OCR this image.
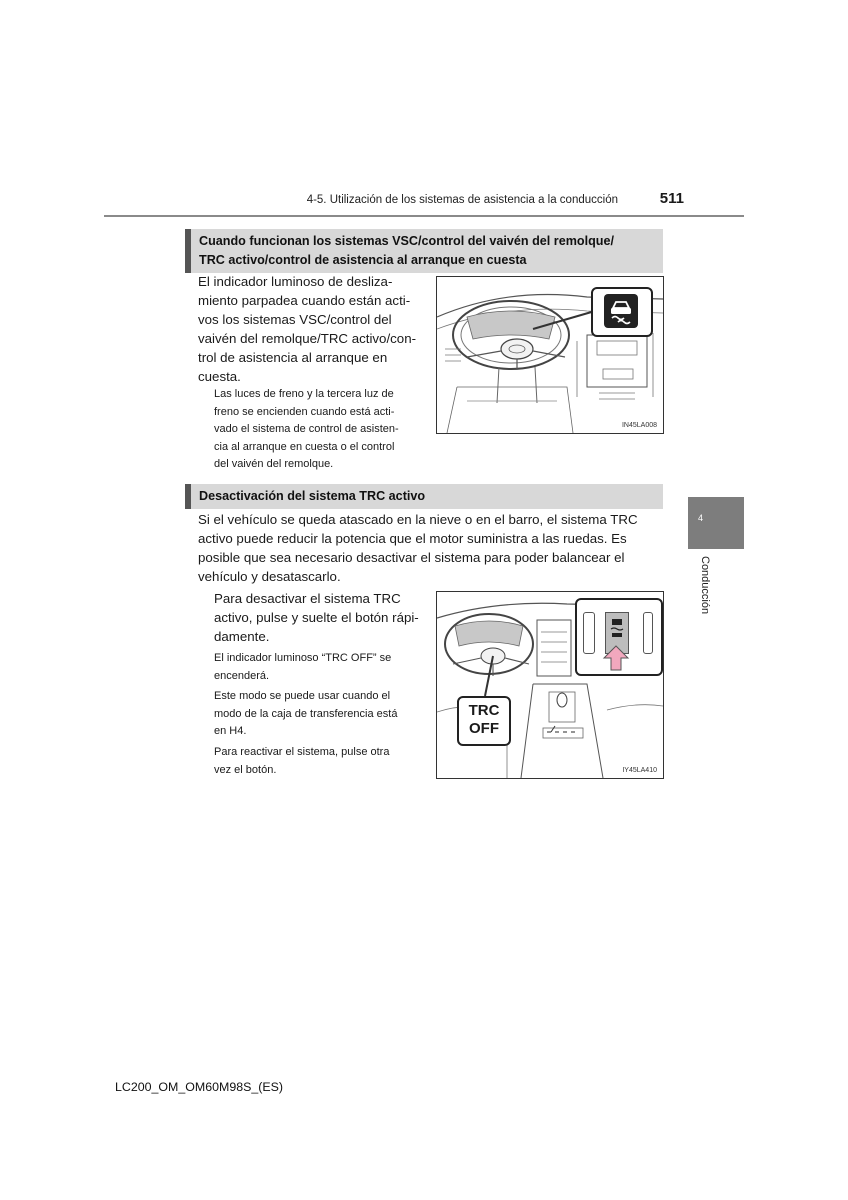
4-5. Utilización de los sistemas de asistencia a la conducción	511
Cuando funcionan los sistemas VSC/control del vaivén del remolque/
TRC activo/control de asistencia al arranque en cuesta

El indicador luminoso de desliza-

miento parpadea cuando están acti-

vos los sistemas VSC/control del

vaivén del remolque/TRC activo/con-

trol de asistencia al arranque en

cuesta.

Las luces de freno y la tercera luz de

freno se encienden cuando está acti-

vado el sistema de control de asisten-

cia al arranque en cuesta o el control

del vaivén del remolque.

IN45LA008
Desactivación del sistema TRC activo

Si el vehículo se queda atascado en la nieve o en el barro, el sistema TRC

activo puede reducir la potencia que el motor suministra a las ruedas. Es

posible que sea necesario desactivar el sistema para poder balancear el

vehículo y desatascarlo.

Para desactivar el sistema TRC

activo, pulse y suelte el botón rápi-

damente.

El indicador luminoso “TRC OFF” se

encenderá.

Este modo se puede usar cuando el

modo de la caja de transferencia está

en H4.

Para reactivar el sistema, pulse otra

vez el botón.

TRC
OFF
IY45LA410
4
Conducción
LC200_OM_OM60M98S_(ES)
